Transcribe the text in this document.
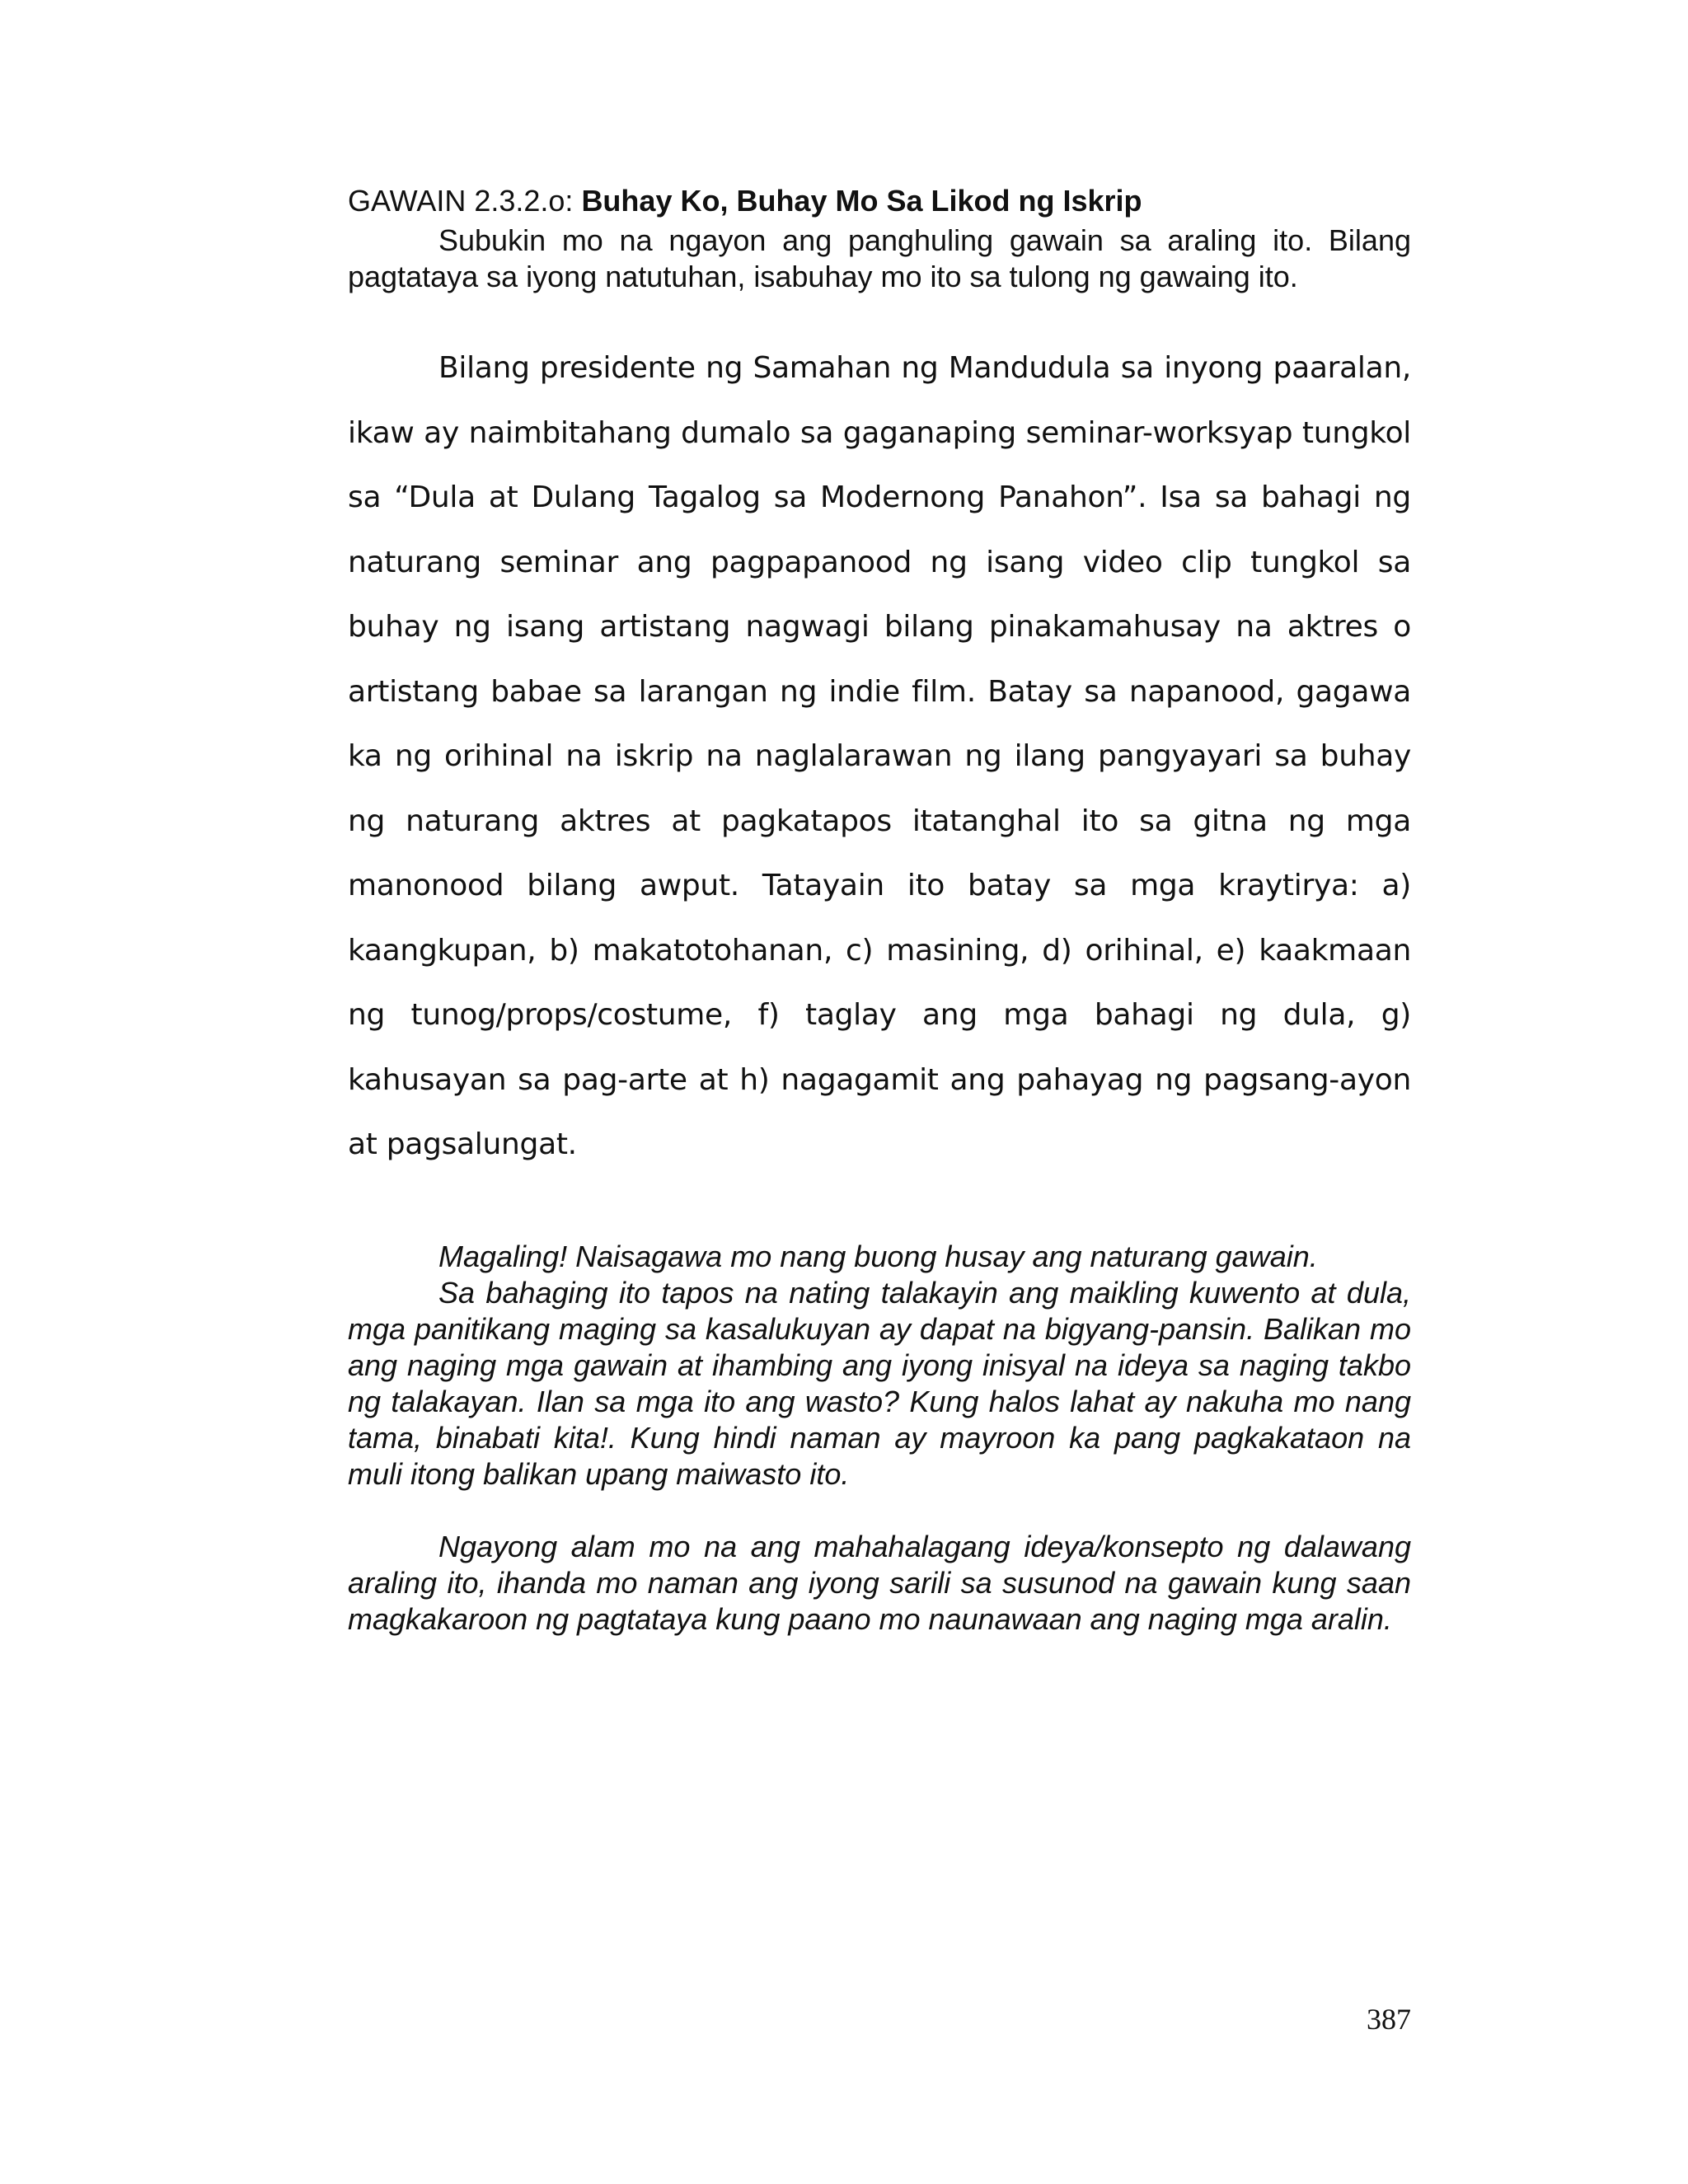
GAWAIN 2.3.2.o: Buhay Ko, Buhay Mo Sa Likod ng Iskrip

Subukin mo na ngayon ang panghuling gawain sa araling ito. Bilang pagtataya sa iyong natutuhan, isabuhay mo ito sa tulong ng gawaing ito.

Bilang presidente ng Samahan ng Mandudula sa inyong paaralan, ikaw ay naimbitahang dumalo sa gaganaping seminar-worksyap tungkol sa “Dula at Dulang Tagalog sa Modernong Panahon”. Isa sa bahagi ng naturang seminar ang pagpapanood ng isang video clip tungkol sa buhay ng isang artistang nagwagi bilang pinakamahusay na aktres o artistang babae sa larangan ng indie film. Batay sa napanood, gagawa ka ng orihinal na iskrip na naglalarawan ng ilang pangyayari sa buhay ng naturang aktres at pagkatapos itatanghal ito sa gitna ng mga manonood bilang awput. Tatayain ito batay sa mga kraytirya: a) kaangkupan, b) makatotohanan, c) masining, d) orihinal, e) kaakmaan ng tunog/props/costume, f) taglay ang mga bahagi ng dula, g) kahusayan sa pag-arte at h) nagagamit ang pahayag ng pagsang-ayon at pagsalungat.

Magaling! Naisagawa mo nang buong husay ang naturang gawain.

Sa bahaging ito tapos na nating talakayin ang maikling kuwento at dula, mga panitikang maging sa kasalukuyan ay dapat na bigyang-pansin. Balikan mo ang naging mga gawain at ihambing ang iyong inisyal na ideya sa naging takbo ng talakayan. Ilan sa mga ito ang wasto? Kung halos lahat ay nakuha mo nang tama, binabati kita!. Kung hindi naman ay mayroon ka pang pagkakataon na muli itong balikan upang maiwasto ito.

Ngayong alam mo na ang mahahalagang ideya/konsepto ng dalawang araling ito, ihanda mo naman ang iyong sarili sa susunod na gawain kung saan magkakaroon ng pagtataya kung paano mo naunawaan ang naging mga aralin.

387
